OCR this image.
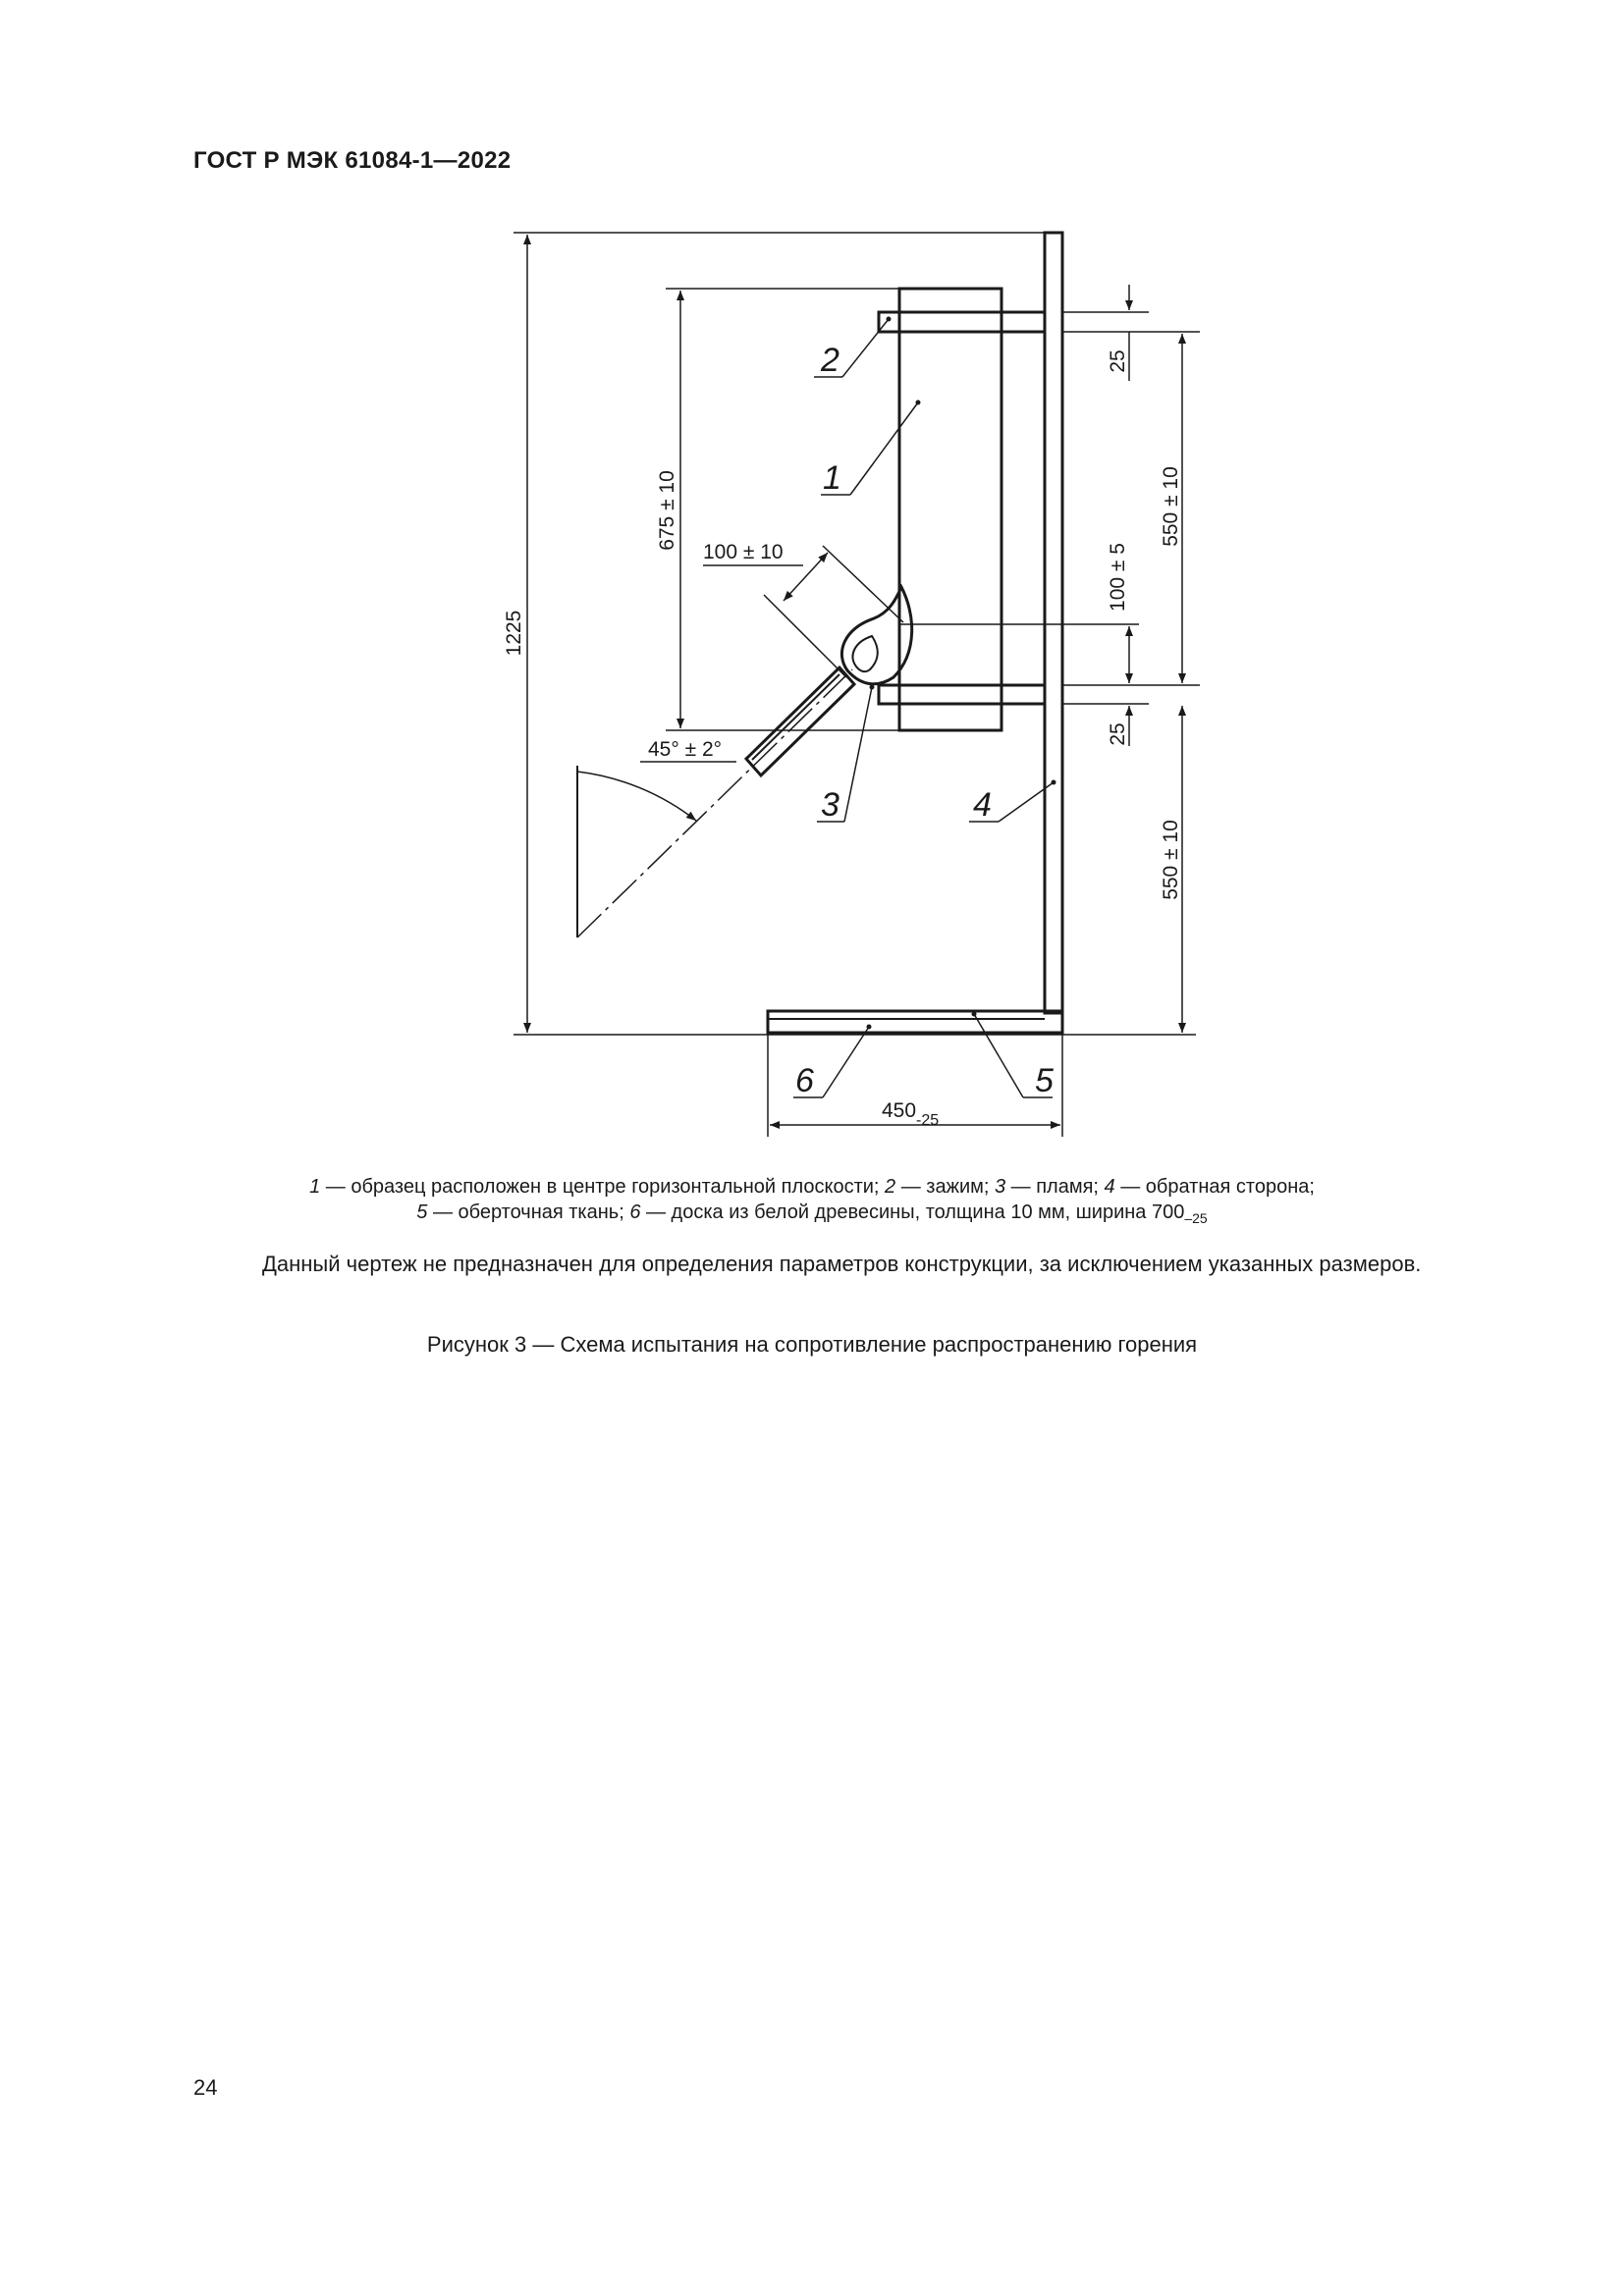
ГОСТ Р МЭК 61084-1—2022
1225
675 ± 10
100 ± 10
45° ± 2°
25
25
100 ± 5
550 ± 10
550 ± 10
$450_{-25}$
2
1
3	4
6	5
1 — образец расположен в центре горизонтальной плоскости; 2 — зажим; 3 — пламя; 4 — обратная сторона;
5 — оберточная ткань; 6 — доска из белой древесины, толщина 10 мм, ширина $700_{-25}$
Данный чертеж не предназначен для определения параметров конструкции, за исключением указанных размеров.
Рисунок 3 — Схема испытания на сопротивление распространению горения
24
